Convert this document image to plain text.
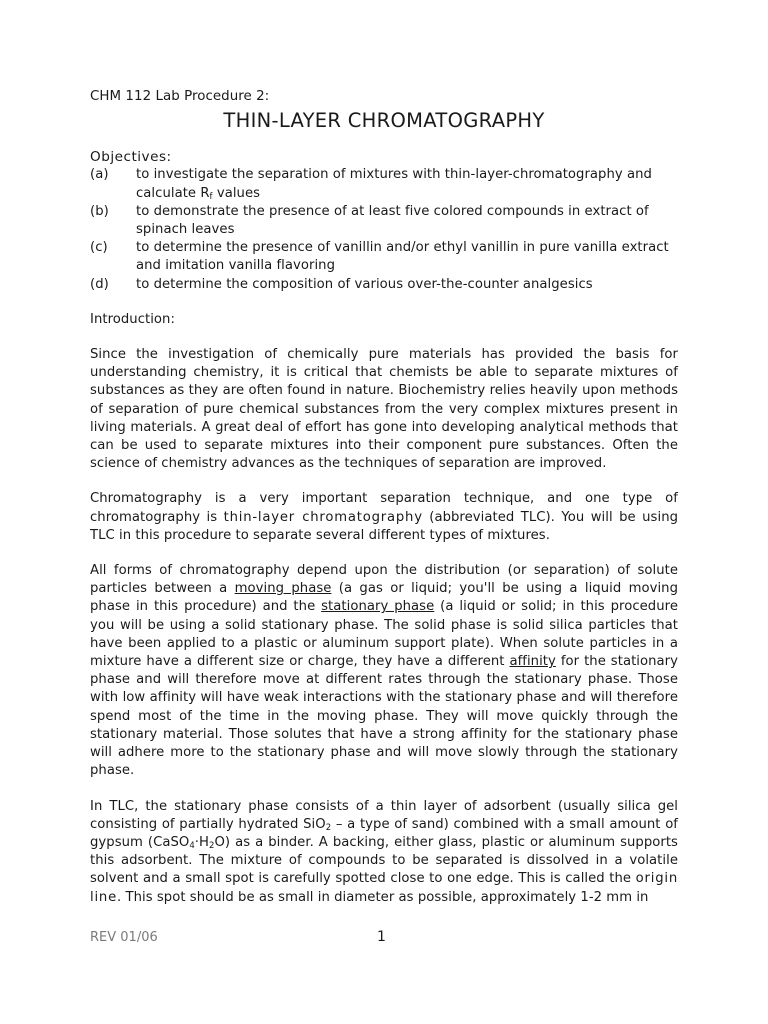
CHM 112 Lab Procedure 2:

THIN-LAYER CHROMATOGRAPHY

Objectives:

(a)	to investigate the separation of mixtures with thin-layer-chromatography and calculate $R_f$ values
(b)	to demonstrate the presence of at least five colored compounds in extract of spinach leaves
(c)	to determine the presence of vanillin and/or ethyl vanillin in pure vanilla extract and imitation vanilla flavoring
(d)	to determine the composition of various over-the-counter analgesics

Introduction:

Since the investigation of chemically pure materials has provided the basis for understanding chemistry, it is critical that chemists be able to separate mixtures of substances as they are often found in nature. Biochemistry relies heavily upon methods of separation of pure chemical substances from the very complex mixtures present in living materials. A great deal of effort has gone into developing analytical methods that can be used to separate mixtures into their component pure substances. Often the science of chemistry advances as the techniques of separation are improved.

Chromatography is a very important separation technique, and one type of chromatography is thin-layer chromatography (abbreviated TLC). You will be using TLC in this procedure to separate several different types of mixtures.

All forms of chromatography depend upon the distribution (or separation) of solute particles between a moving phase (a gas or liquid; you'll be using a liquid moving phase in this procedure) and the stationary phase (a liquid or solid; in this procedure you will be using a solid stationary phase. The solid phase is solid silica particles that have been applied to a plastic or aluminum support plate). When solute particles in a mixture have a different size or charge, they have a different affinity for the stationary phase and will therefore move at different rates through the stationary phase. Those with low affinity will have weak interactions with the stationary phase and will therefore spend most of the time in the moving phase. They will move quickly through the stationary material. Those solutes that have a strong affinity for the stationary phase will adhere more to the stationary phase and will move slowly through the stationary phase.

In TLC, the stationary phase consists of a thin layer of adsorbent (usually silica gel consisting of partially hydrated SiO$_2$ – a type of sand) combined with a small amount of gypsum $(CaSO_4\cdot H_2O)$ as a binder. A backing, either glass, plastic or aluminum supports this adsorbent. The mixture of compounds to be separated is dissolved in a volatile solvent and a small spot is carefully spotted close to one edge. This is called the origin line. This spot should be as small in diameter as possible, approximately 1-2 mm in

REV 01/06	1
